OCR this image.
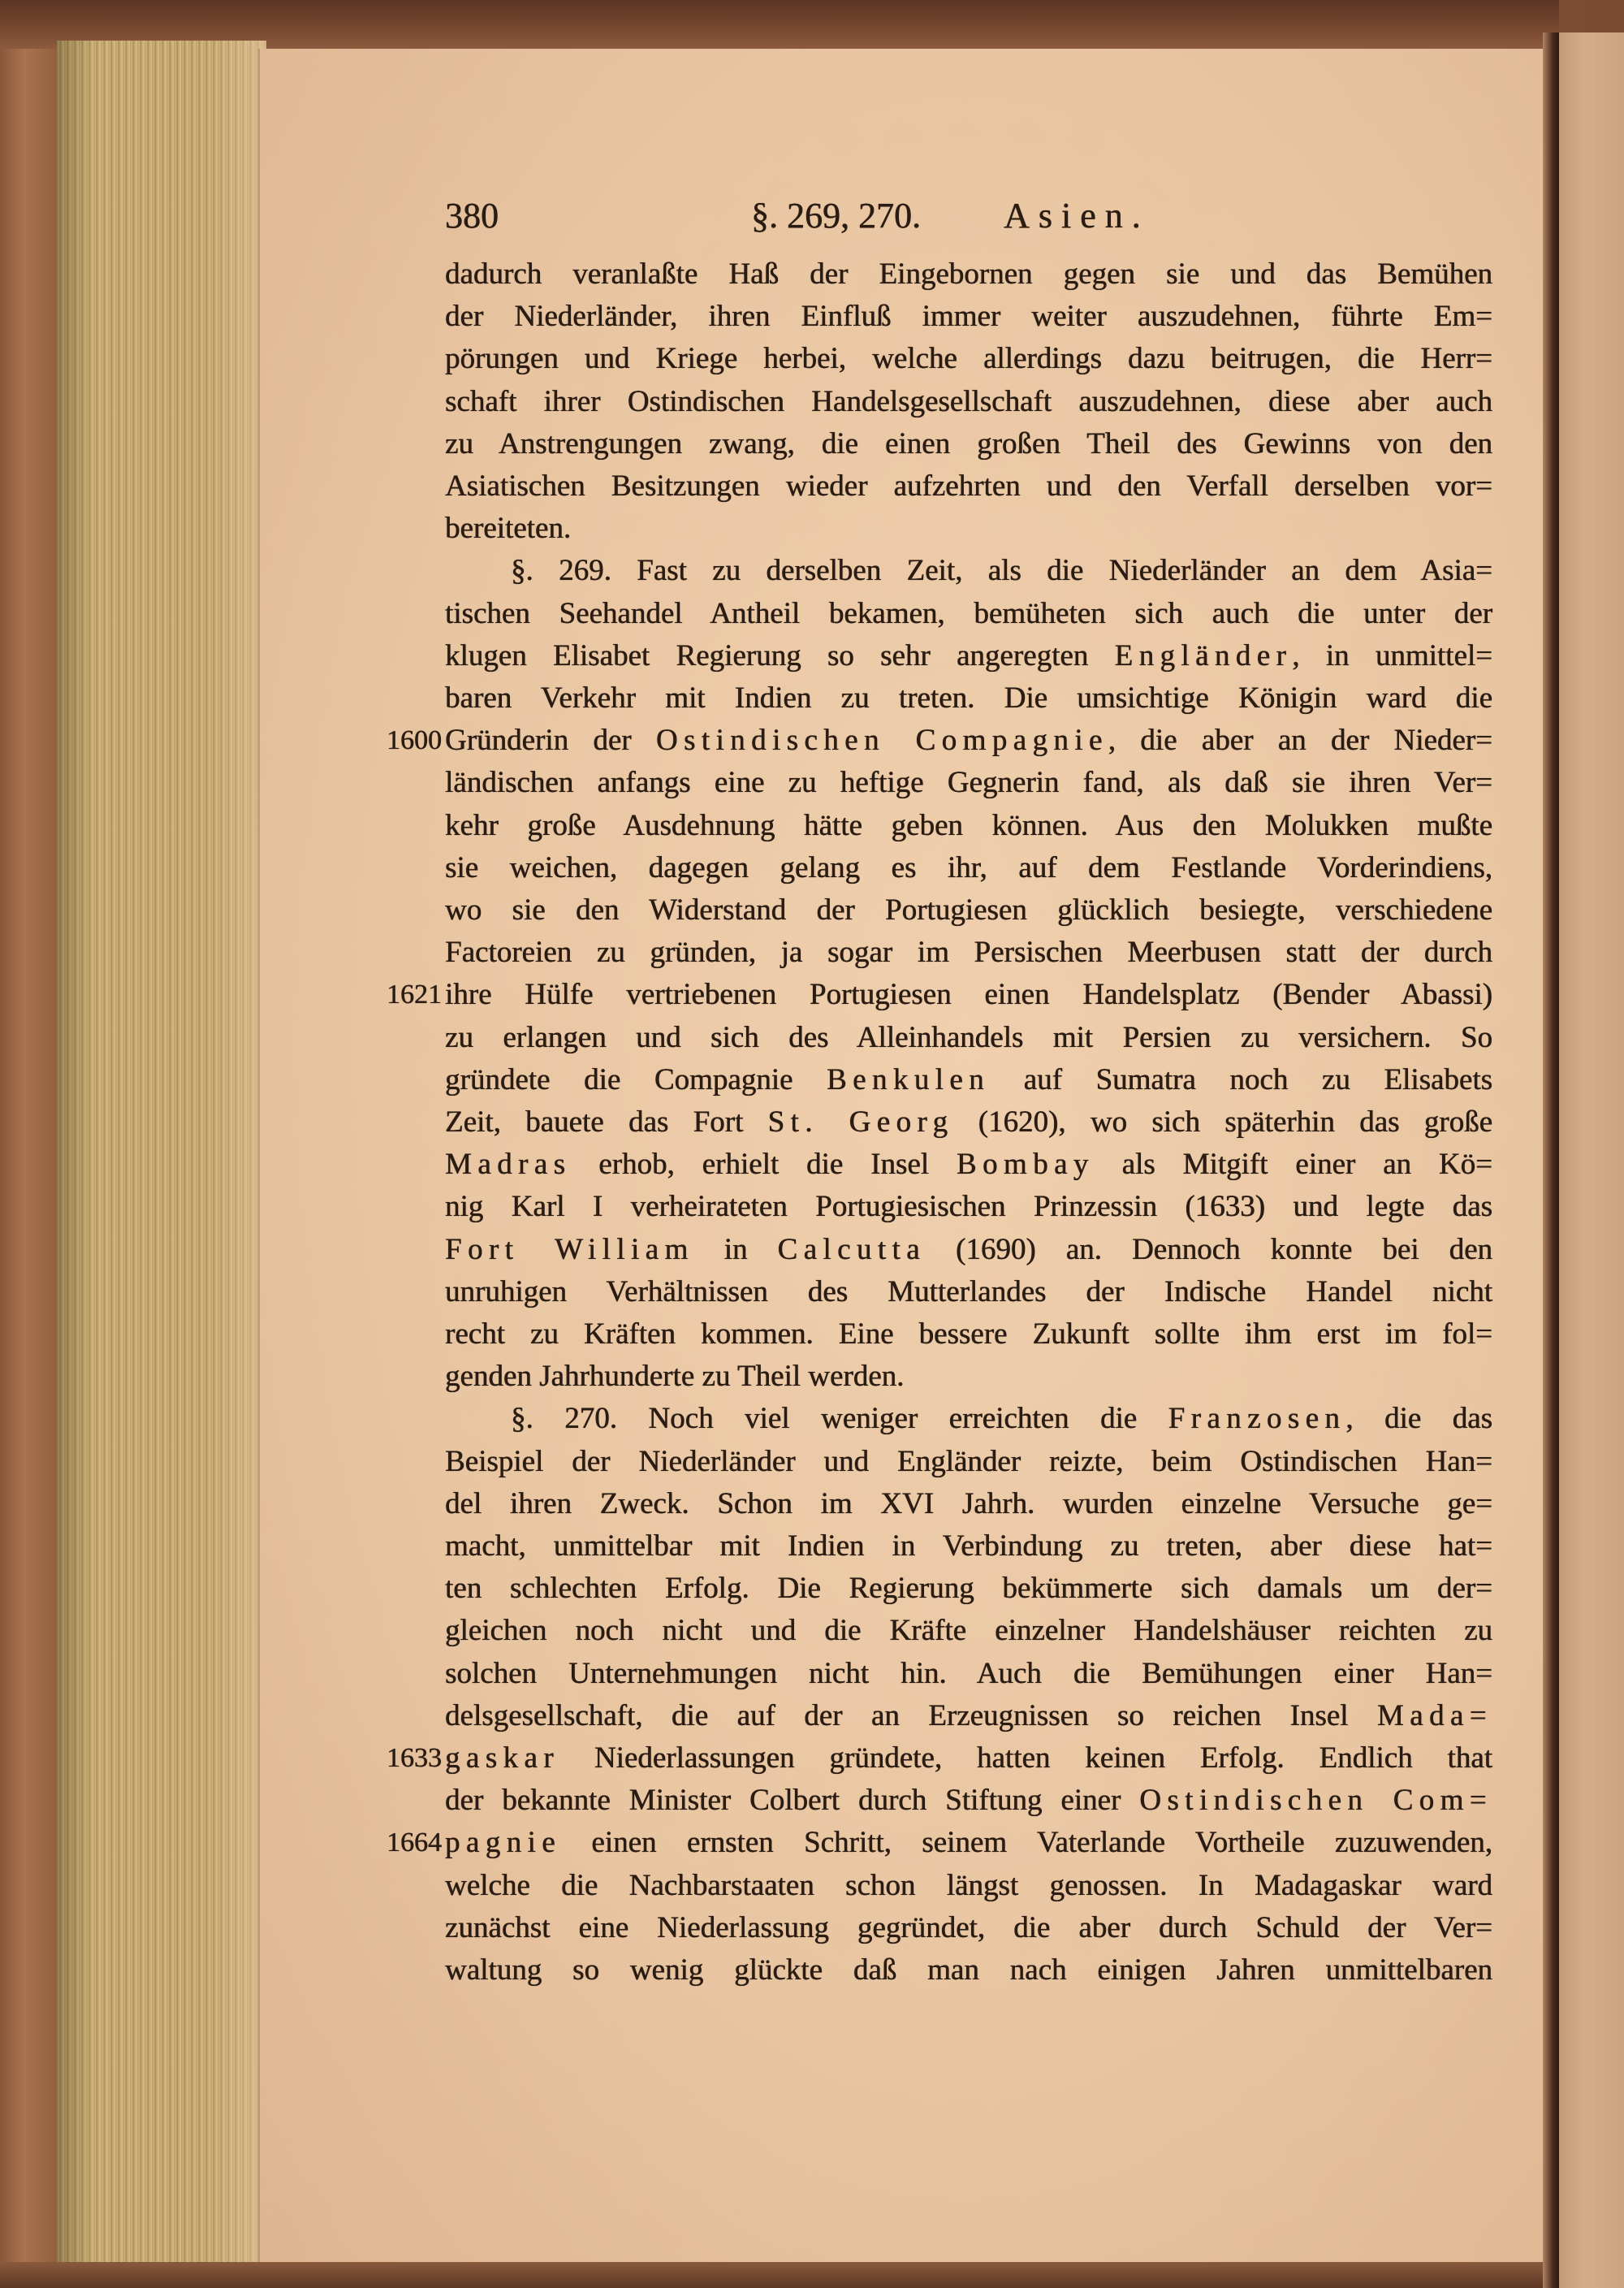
380	§. 269, 270. Asien.
dadurch veranlaßte Haß der Eingebornen gegen sie und das Bemühen
der Niederländer, ihren Einfluß immer weiter auszudehnen, führte Em=
pörungen und Kriege herbei, welche allerdings dazu beitrugen, die Herr=
schaft ihrer Ostindischen Handelsgesellschaft auszudehnen, diese aber auch
zu Anstrengungen zwang, die einen großen Theil des Gewinns von den
Asiatischen Besitzungen wieder aufzehrten und den Verfall derselben vor=
bereiteten.
§. 269. Fast zu derselben Zeit, als die Niederländer an dem Asia=
tischen Seehandel Antheil bekamen, bemüheten sich auch die unter der
klugen Elisabet Regierung so sehr angeregten Engländer, in unmittel=
baren Verkehr mit Indien zu treten. Die umsichtige Königin ward die
Gründerin der Ostindischen Compagnie, die aber an der Nieder=
1600
ländischen anfangs eine zu heftige Gegnerin fand, als daß sie ihren Ver=
kehr große Ausdehnung hätte geben können. Aus den Molukken mußte
sie weichen, dagegen gelang es ihr, auf dem Festlande Vorderindiens,
wo sie den Widerstand der Portugiesen glücklich besiegte, verschiedene
Factoreien zu gründen, ja sogar im Persischen Meerbusen statt der durch
ihre Hülfe vertriebenen Portugiesen einen Handelsplatz (Bender Abassi)
1621
zu erlangen und sich des Alleinhandels mit Persien zu versichern. So
gründete die Compagnie Benkulen auf Sumatra noch zu Elisabets
Zeit, bauete das Fort St. Georg (1620), wo sich späterhin das große
Madras erhob, erhielt die Insel Bombay als Mitgift einer an Kö=
nig Karl I verheirateten Portugiesischen Prinzessin (1633) und legte das
Fort William in Calcutta (1690) an. Dennoch konnte bei den
unruhigen Verhältnissen des Mutterlandes der Indische Handel nicht
recht zu Kräften kommen. Eine bessere Zukunft sollte ihm erst im fol=
genden Jahrhunderte zu Theil werden.
§. 270. Noch viel weniger erreichten die Franzosen, die das
Beispiel der Niederländer und Engländer reizte, beim Ostindischen Han=
del ihren Zweck. Schon im XVI Jahrh. wurden einzelne Versuche ge=
macht, unmittelbar mit Indien in Verbindung zu treten, aber diese hat=
ten schlechten Erfolg. Die Regierung bekümmerte sich damals um der=
gleichen noch nicht und die Kräfte einzelner Handelshäuser reichten zu
solchen Unternehmungen nicht hin. Auch die Bemühungen einer Han=
delsgesellschaft, die auf der an Erzeugnissen so reichen Insel Mada=
gaskar Niederlassungen gründete, hatten keinen Erfolg. Endlich that
1633
der bekannte Minister Colbert durch Stiftung einer Ostindischen Com=
pagnie einen ernsten Schritt, seinem Vaterlande Vortheile zuzuwenden,
1664
welche die Nachbarstaaten schon längst genossen. In Madagaskar ward
zunächst eine Niederlassung gegründet, die aber durch Schuld der Ver=
waltung so wenig glückte daß man nach einigen Jahren unmittelbaren
